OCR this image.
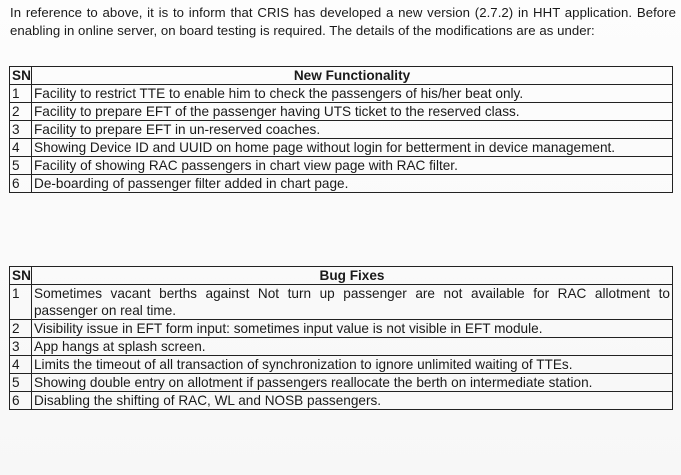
In reference to above, it is to inform that CRIS has developed a new version (2.7.2) in HHT application. Before enabling in online server, on board testing is required. The details of the modifications are as under:
SN	New Functionality
1	Facility to restrict TTE to enable him to check the passengers of his/her beat only.
2	Facility to prepare EFT of the passenger having UTS ticket to the reserved class.
3	Facility to prepare EFT in un-reserved coaches.
4	Showing Device ID and UUID on home page without login for betterment in device management.
5	Facility of showing RAC passengers in chart view page with RAC filter.
6	De-boarding of passenger filter added in chart page.
SN	Bug Fixes
1	Sometimes vacant berths against Not turn up passenger are not available for RAC allotment to passenger on real time.
2	Visibility issue in EFT form input: sometimes input value is not visible in EFT module.
3	App hangs at splash screen.
4	Limits the timeout of all transaction of synchronization to ignore unlimited waiting of TTEs.
5	Showing double entry on allotment if passengers reallocate the berth on intermediate station.
6	Disabling the shifting of RAC, WL and NOSB passengers.
